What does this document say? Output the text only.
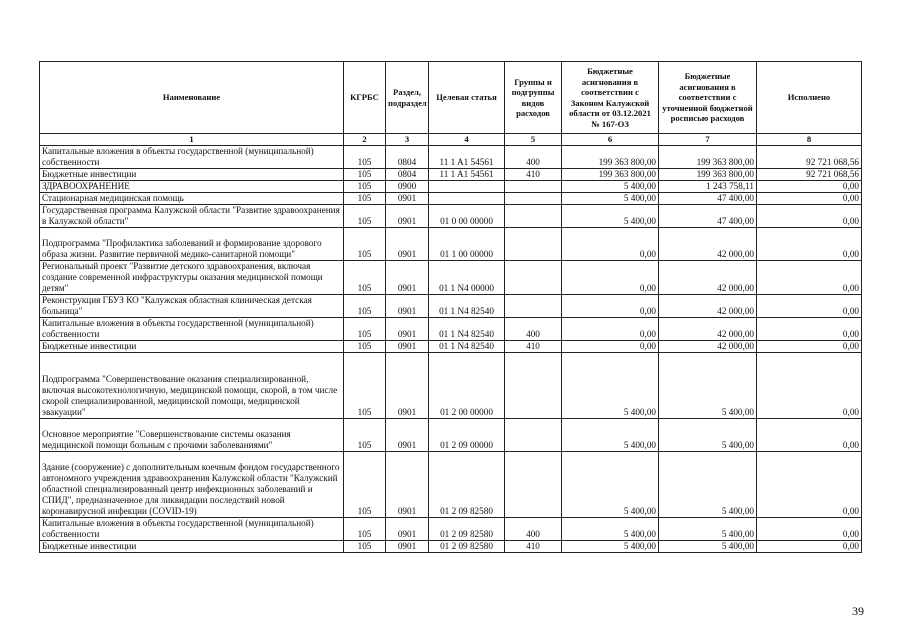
Наименование	КГРБС	Раздел, подраздел	Целевая статья	Группы и подгруппы видов расходов	Бюджетные асигнования в соответствии с Законом Калужской области от 03.12.2021 № 167-ОЗ	Бюджетные асигнования в соответствии с уточненной бюджетной росписью расходов	Исполнено
1	2	3	4	5	6	7	8
Капитальные вложения в объекты государственной (муниципальной) собственности	105	0804	11 1 A1 54561	400	199 363 800,00	199 363 800,00	92 721 068,56
Бюджетные инвестиции	105	0804	11 1 A1 54561	410	199 363 800,00	199 363 800,00	92 721 068,56
ЗДРАВООХРАНЕНИЕ	105	0900			5 400,00	1 243 758,11	0,00
Стационарная медицинская помощь	105	0901			5 400,00	47 400,00	0,00
Государственная программа Калужской области "Развитие здравоохранения в Калужской области"	105	0901	01 0 00 00000		5 400,00	47 400,00	0,00
Подпрограмма "Профилактика заболеваний и формирование здорового образа жизни. Развитие первичной медико-санитарной помощи"	105	0901	01 1 00 00000		0,00	42 000,00	0,00
Региональный проект "Развитие детского здравоохранения, включая создание современной инфраструктуры оказания медицинской помощи детям"	105	0901	01 1 N4 00000		0,00	42 000,00	0,00
Реконструкция ГБУЗ КО "Калужская областная клиническая детская больница"	105	0901	01 1 N4 82540		0,00	42 000,00	0,00
Капитальные вложения в объекты государственной (муниципальной) собственности	105	0901	01 1 N4 82540	400	0,00	42 000,00	0,00
Бюджетные инвестиции	105	0901	01 1 N4 82540	410	0,00	42 000,00	0,00
Подпрограмма "Совершенствование оказания специализированной, включая высокотехнологичную, медицинской помощи, скорой, в том числе скорой специализированной, медицинской помощи, медицинской эвакуации"	105	0901	01 2 00 00000		5 400,00	5 400,00	0,00
Основное мероприятие "Совершенствование системы оказания медицинской помощи больным с прочими заболеваниями"	105	0901	01 2 09 00000		5 400,00	5 400,00	0,00
Здание (сооружение) с дополнительным коечным фондом государственного автономного учреждения здравоохранения Калужской области "Калужский областной специализированный центр инфекционных заболеваний и СПИД", предназначенное для ликвидации последствий новой коронавирусной инфекции (COVID-19)	105	0901	01 2 09 82580		5 400,00	5 400,00	0,00
Капитальные вложения в объекты государственной (муниципальной) собственности	105	0901	01 2 09 82580	400	5 400,00	5 400,00	0,00
Бюджетные инвестиции	105	0901	01 2 09 82580	410	5 400,00	5 400,00	0,00
39
